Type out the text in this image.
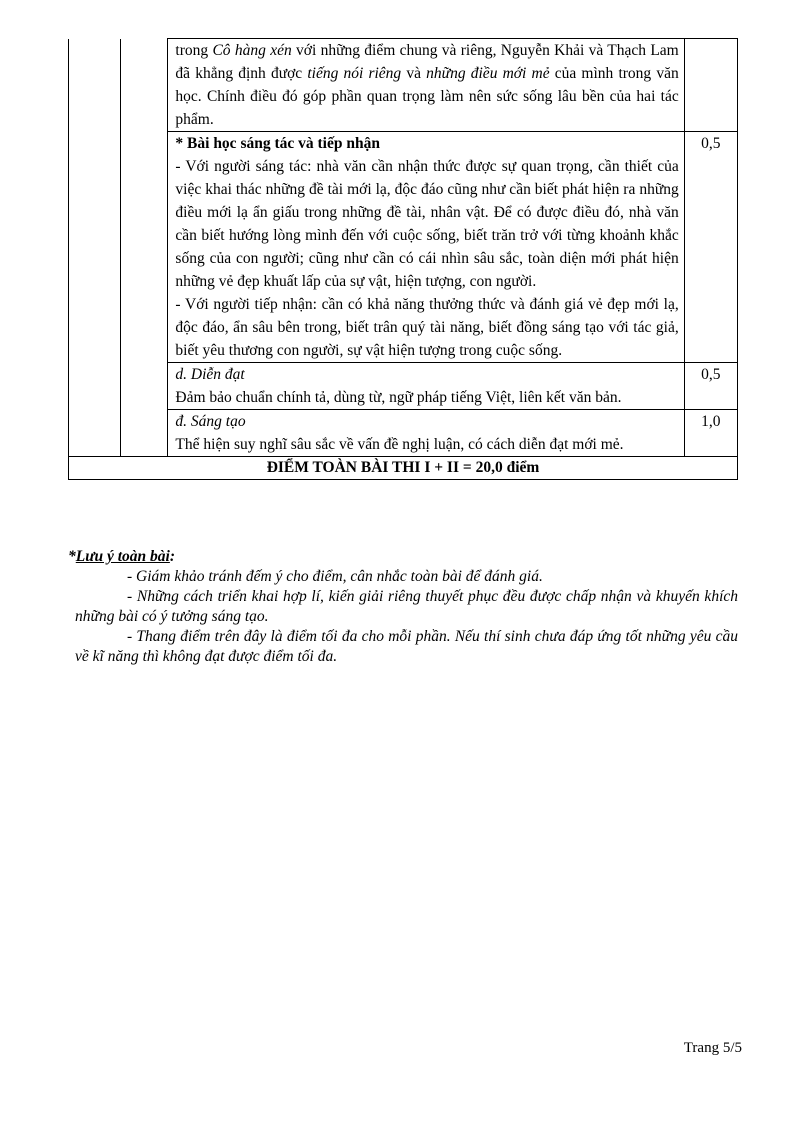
		trong Cô hàng xén với những điểm chung và riêng, Nguyễn Khải và Thạch Lam đã khẳng định được tiếng nói riêng và những điều mới mẻ của mình trong văn học. Chính điều đó góp phần quan trọng làm nên sức sống lâu bền của hai tác phẩm.	

		* Bài học sáng tác và tiếp nhận

- Với người sáng tác: nhà văn cần nhận thức được sự quan trọng, cần thiết của việc khai thác những đề tài mới lạ, độc đáo cũng như cần biết phát hiện ra những điều mới lạ ẩn giấu trong những đề tài, nhân vật. Để có được điều đó, nhà văn cần biết hướng lòng mình đến với cuộc sống, biết trăn trở với từng khoảnh khắc sống của con người; cũng như cần có cái nhìn sâu sắc, toàn diện mới phát hiện những vẻ đẹp khuất lấp của sự vật, hiện tượng, con người.

- Với người tiếp nhận: cần có khả năng thưởng thức và đánh giá vẻ đẹp mới lạ, độc đáo, ẩn sâu bên trong, biết trân quý tài năng, biết đồng sáng tạo với tác giả, biết yêu thương con người, sự vật hiện tượng trong cuộc sống.	0,5

		d. Diễn đạt

Đảm bảo chuẩn chính tả, dùng từ, ngữ pháp tiếng Việt, liên kết văn bản.	0,5

		đ. Sáng tạo

Thể hiện suy nghĩ sâu sắc về vấn đề nghị luận, có cách diễn đạt mới mẻ.	1,0
ĐIỂM TOÀN BÀI THI I + II = 20,0 điểm			
*Lưu ý toàn bài:

- Giám khảo tránh đếm ý cho điểm, cân nhắc toàn bài để đánh giá.

- Những cách triển khai hợp lí, kiến giải riêng thuyết phục đều được chấp nhận và khuyến khích những bài có ý tưởng sáng tạo.

- Thang điểm trên đây là điểm tối đa cho mỗi phần. Nếu thí sinh chưa đáp ứng tốt những yêu cầu về kĩ năng thì không đạt được điểm tối đa.

Trang 5/5
